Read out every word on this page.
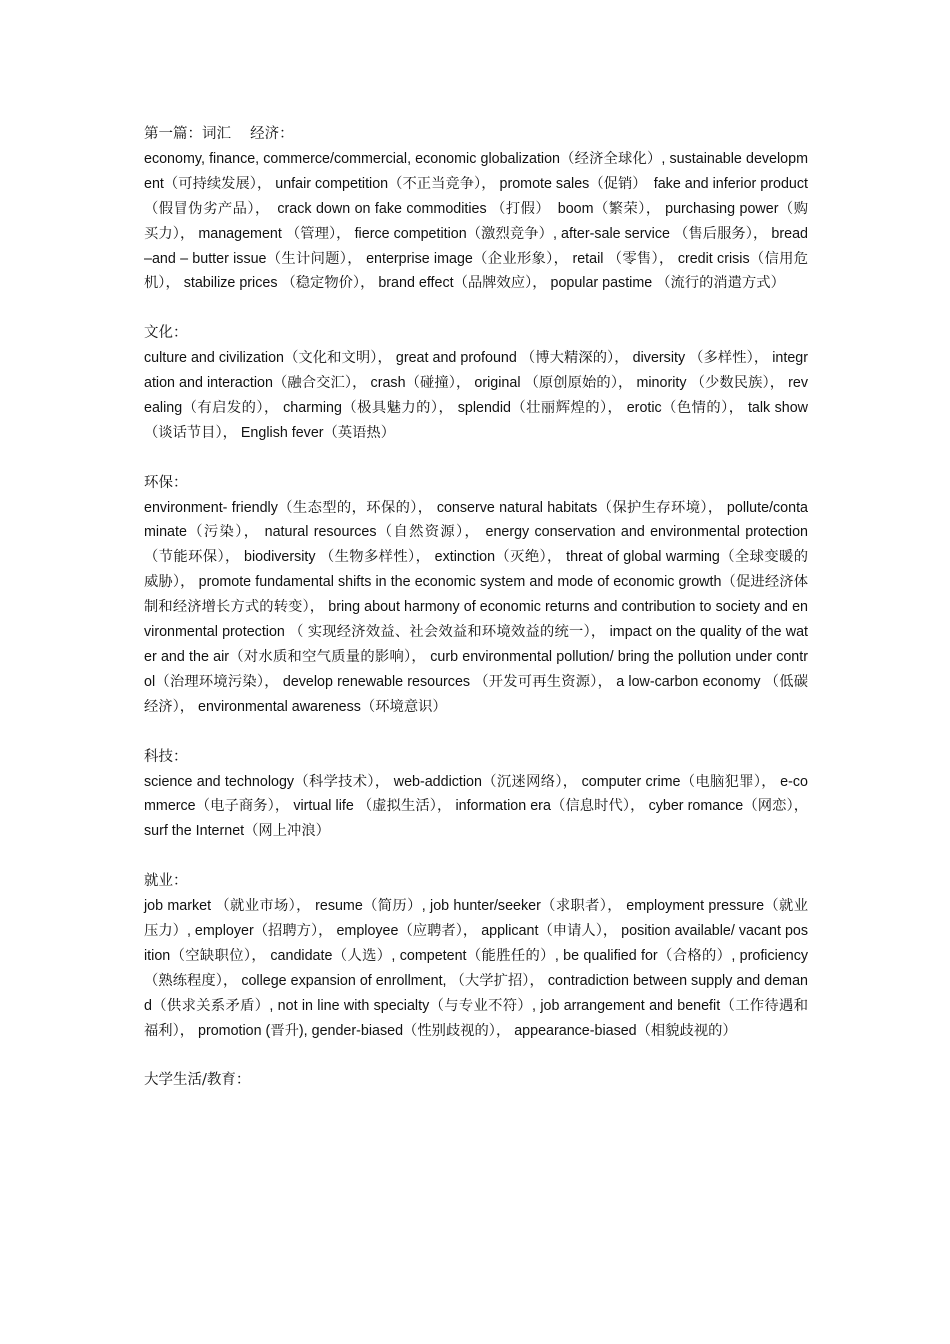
第一篇：词汇　 经济：
economy, finance, commerce/commercial, economic globalization（经济全球化）, sustainable development（可持续发展）， unfair competition（不正当竞争）， promote sales（促销）　fake and inferior product（假冒伪劣产品），　crack down on fake commodities （打假）　boom（繁荣）， purchasing power（购买力）， management （管理）， fierce competition（激烈竞争）, after-sale service （售后服务）， bread –and – butter issue（生计问题）， enterprise image（企业形象）， retail （零售）， credit crisis（信用危机）， stabilize prices （稳定物价）， brand effect（品牌效应）， popular pastime （流行的消遣方式）
文化：
culture and civilization（文化和文明）， great and profound （博大精深的）， diversity （多样性）， integration and interaction（融合交汇）， crash（碰撞）， original （原创原始的）， minority （少数民族）， revealing（有启发的）， charming（极具魅力的）， splendid（壮丽辉煌的）， erotic（色情的）， talk show（谈话节目）， English fever（英语热）
环保：
environment- friendly（生态型的，环保的）， conserve natural habitats（保护生存环境）， pollute/contaminate（污染）， natural resources（自然资源）， energy conservation and environmental protection （节能环保）， biodiversity （生物多样性）， extinction（灭绝）， threat of global warming（全球变暖的威胁）， promote fundamental shifts in the economic system and mode of economic growth（促进经济体制和经济增长方式的转变）， bring about harmony of economic returns and contribution to society and environmental protection （ 实现经济效益、社会效益和环境效益的统一）， impact on the quality of the water and the air（对水质和空气质量的影响）， curb environmental pollution/ bring the pollution under control（治理环境污染）， develop renewable resources （开发可再生资源）， a low-carbon economy （低碳经济）， environmental awareness（环境意识）
科技：
science and technology（科学技术）， web-addiction（沉迷网络）， computer crime（电脑犯罪）， e-commerce（电子商务）， virtual life （虚拟生活）， information era（信息时代）， cyber romance（网恋）， surf the Internet（网上冲浪）
就业：
job market （就业市场）， resume（简历）, job hunter/seeker（求职者）， employment pressure（就业压力）, employer（招聘方）， employee（应聘者）， applicant（申请人）， position available/ vacant position（空缺职位）， candidate（人选）, competent（能胜任的）, be qualified for（合格的）, proficiency（熟练程度）， college expansion of enrollment, （大学扩招）， contradiction between supply and demand（供求关系矛盾）, not in line with specialty（与专业不符）, job arrangement and benefit（工作待遇和福利）， promotion (晋升), gender-biased（性别歧视的）， appearance-biased（相貌歧视的）
大学生活/教育：
